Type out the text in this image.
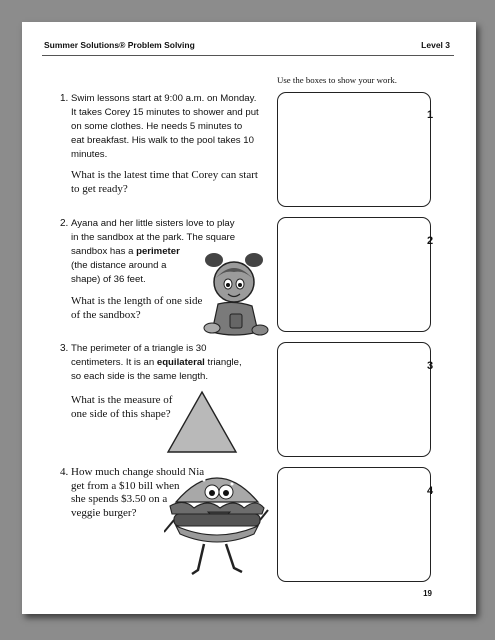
Summer Solutions® Problem Solving	Level 3
Use the boxes to show your work.
1. Swim lessons start at 9:00 a.m. on Monday.
It takes Corey 15 minutes to shower and put
on some clothes. He needs 5 minutes to
eat breakfast. His walk to the pool takes 10
minutes.
What is the latest time that Corey can start
to get ready?
1
2. Ayana and her little sisters love to play
in the sandbox at the park. The square
sandbox has a perimeter
(the distance around a
shape) of 36 feet.
What is the length of one side
of the sandbox?
2
3. The perimeter of a triangle is 30
centimeters. It is an equilateral triangle,
so each side is the same length.
What is the measure of
one side of this shape?
3
4. How much change should Nia
get from a $10 bill when
she spends $3.50 on a
veggie burger?
4
19
